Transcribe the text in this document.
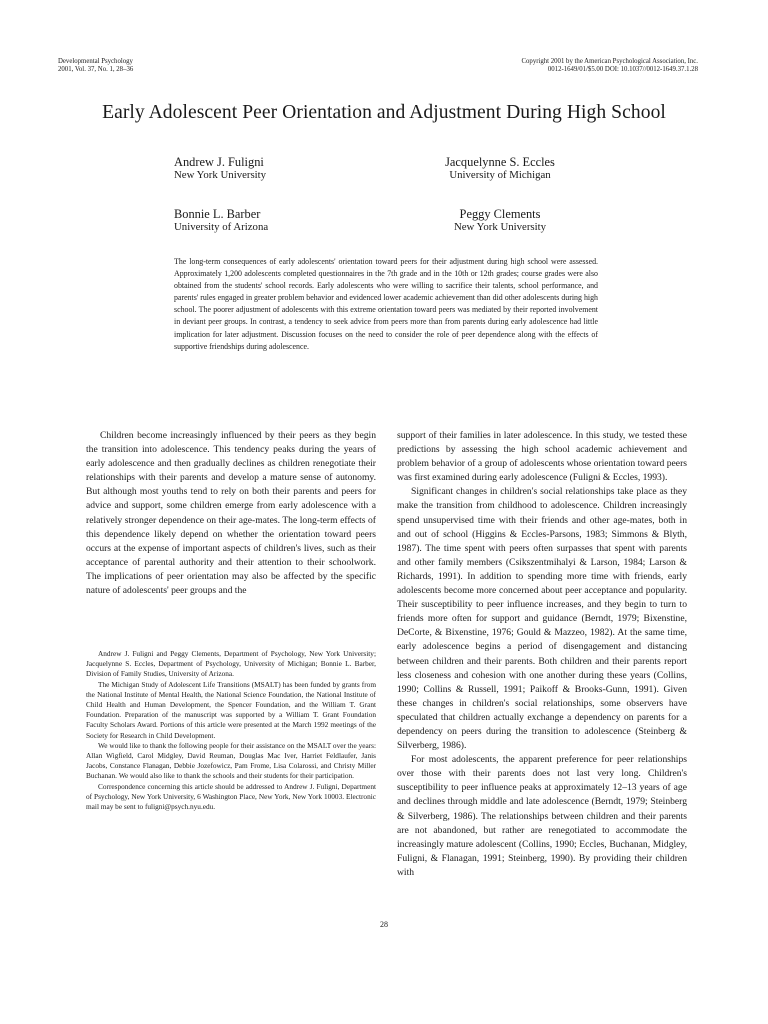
Developmental Psychology
2001, Vol. 37, No. 1, 28–36
Copyright 2001 by the American Psychological Association, Inc.
0012-1649/01/$5.00 DOI: 10.1037//0012-1649.37.1.28
Early Adolescent Peer Orientation and Adjustment During High School
Andrew J. Fuligni
New York University
Jacquelynne S. Eccles
University of Michigan
Bonnie L. Barber
University of Arizona
Peggy Clements
New York University

The long-term consequences of early adolescents' orientation toward peers for their adjustment during high school were assessed. Approximately 1,200 adolescents completed questionnaires in the 7th grade and in the 10th or 12th grades; course grades were also obtained from the students' school records. Early adolescents who were willing to sacrifice their talents, school performance, and parents' rules engaged in greater problem behavior and evidenced lower academic achievement than did other adolescents during high school. The poorer adjustment of adolescents with this extreme orientation toward peers was mediated by their reported involvement in deviant peer groups. In contrast, a tendency to seek advice from peers more than from parents during early adolescence had little implication for later adjustment. Discussion focuses on the need to consider the role of peer dependence along with the effects of supportive friendships during adolescence.

Children become increasingly influenced by their peers as they begin the transition into adolescence. This tendency peaks during the years of early adolescence and then gradually declines as children renegotiate their relationships with their parents and develop a mature sense of autonomy. But although most youths tend to rely on both their parents and peers for advice and support, some children emerge from early adolescence with a relatively stronger dependence on their age-mates. The long-term effects of this dependence likely depend on whether the orientation toward peers occurs at the expense of important aspects of children's lives, such as their acceptance of parental authority and their attention to their schoolwork. The implications of peer orientation may also be affected by the specific nature of adolescents' peer groups and the

support of their families in later adolescence. In this study, we tested these predictions by assessing the high school academic achievement and problem behavior of a group of adolescents whose orientation toward peers was first examined during early adolescence (Fuligni & Eccles, 1993).

Significant changes in children's social relationships take place as they make the transition from childhood to adolescence. Children increasingly spend unsupervised time with their friends and other age-mates, both in and out of school (Higgins & Eccles-Parsons, 1983; Simmons & Blyth, 1987). The time spent with peers often surpasses that spent with parents and other family members (Csikszentmihalyi & Larson, 1984; Larson & Richards, 1991). In addition to spending more time with friends, early adolescents become more concerned about peer acceptance and popularity. Their susceptibility to peer influence increases, and they begin to turn to friends more often for support and guidance (Berndt, 1979; Bixenstine, DeCorte, & Bixenstine, 1976; Gould & Mazzeo, 1982). At the same time, early adolescence begins a period of disengagement and distancing between children and their parents. Both children and their parents report less closeness and cohesion with one another during these years (Collins, 1990; Collins & Russell, 1991; Paikoff & Brooks-Gunn, 1991). Given these changes in children's social relationships, some observers have speculated that children actually exchange a dependency on parents for a dependency on peers during the transition to adolescence (Steinberg & Silverberg, 1986).

For most adolescents, the apparent preference for peer relationships over those with their parents does not last very long. Children's susceptibility to peer influence peaks at approximately 12–13 years of age and declines through middle and late adolescence (Berndt, 1979; Steinberg & Silverberg, 1986). The relationships between children and their parents are not abandoned, but rather are renegotiated to accommodate the increasingly mature adolescent (Collins, 1990; Eccles, Buchanan, Midgley, Fuligni, & Flanagan, 1991; Steinberg, 1990). By providing their children with

Andrew J. Fuligni and Peggy Clements, Department of Psychology, New York University; Jacquelynne S. Eccles, Department of Psychology, University of Michigan; Bonnie L. Barber, Division of Family Studies, University of Arizona.

The Michigan Study of Adolescent Life Transitions (MSALT) has been funded by grants from the National Institute of Mental Health, the National Science Foundation, the National Institute of Child Health and Human Development, the Spencer Foundation, and the William T. Grant Foundation. Preparation of the manuscript was supported by a William T. Grant Foundation Faculty Scholars Award. Portions of this article were presented at the March 1992 meetings of the Society for Research in Child Development.

We would like to thank the following people for their assistance on the MSALT over the years: Allan Wigfield, Carol Midgley, David Reuman, Douglas Mac Iver, Harriet Feldlaufer, Janis Jacobs, Constance Flanagan, Debbie Jozefowicz, Pam Frome, Lisa Colarossi, and Christy Miller Buchanan. We would also like to thank the schools and their students for their participation.

Correspondence concerning this article should be addressed to Andrew J. Fuligni, Department of Psychology, New York University, 6 Washington Place, New York, New York 10003. Electronic mail may be sent to fuligni@psych.nyu.edu.

28
